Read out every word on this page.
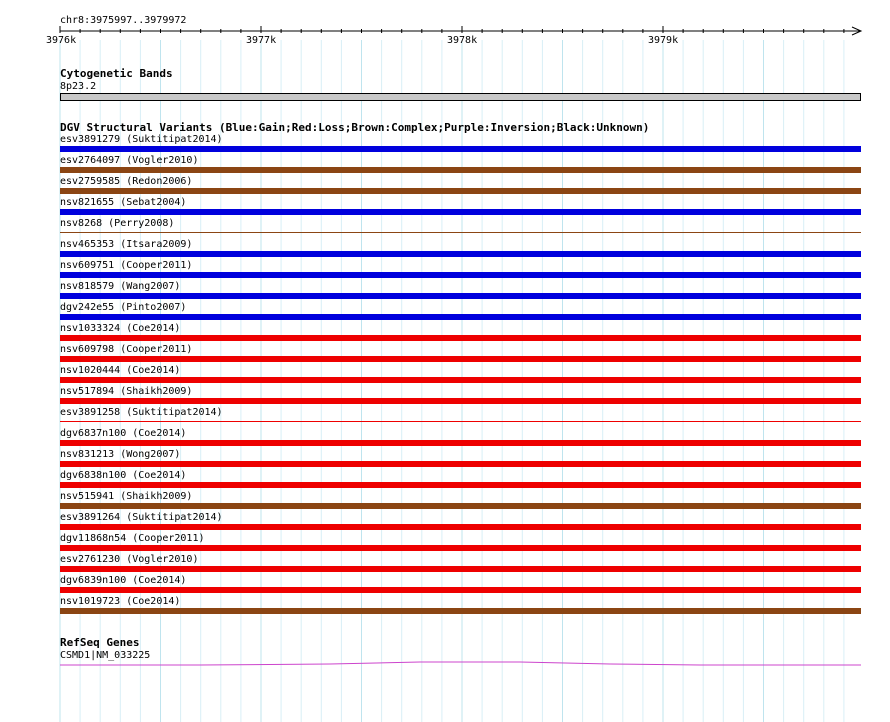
chr8:3975997..3979972
3976k	3977k	3978k	3979k
Cytogenetic Bands
8p23.2
DGV Structural Variants (Blue:Gain;Red:Loss;Brown:Complex;Purple:Inversion;Black:Unknown)
esv3891279 (Suktitipat2014)
esv2764097 (Vogler2010)
esv2759585 (Redon2006)
nsv821655 (Sebat2004)
nsv8268 (Perry2008)
nsv465353 (Itsara2009)
nsv609751 (Cooper2011)
nsv818579 (Wang2007)
dgv242e55 (Pinto2007)
nsv1033324 (Coe2014)
nsv609798 (Cooper2011)
nsv1020444 (Coe2014)
nsv517894 (Shaikh2009)
esv3891258 (Suktitipat2014)
dgv6837n100 (Coe2014)
nsv831213 (Wong2007)
dgv6838n100 (Coe2014)
nsv515941 (Shaikh2009)
esv3891264 (Suktitipat2014)
dgv11868n54 (Cooper2011)
esv2761230 (Vogler2010)
dgv6839n100 (Coe2014)
nsv1019723 (Coe2014)
RefSeq Genes
CSMD1|NM_033225
